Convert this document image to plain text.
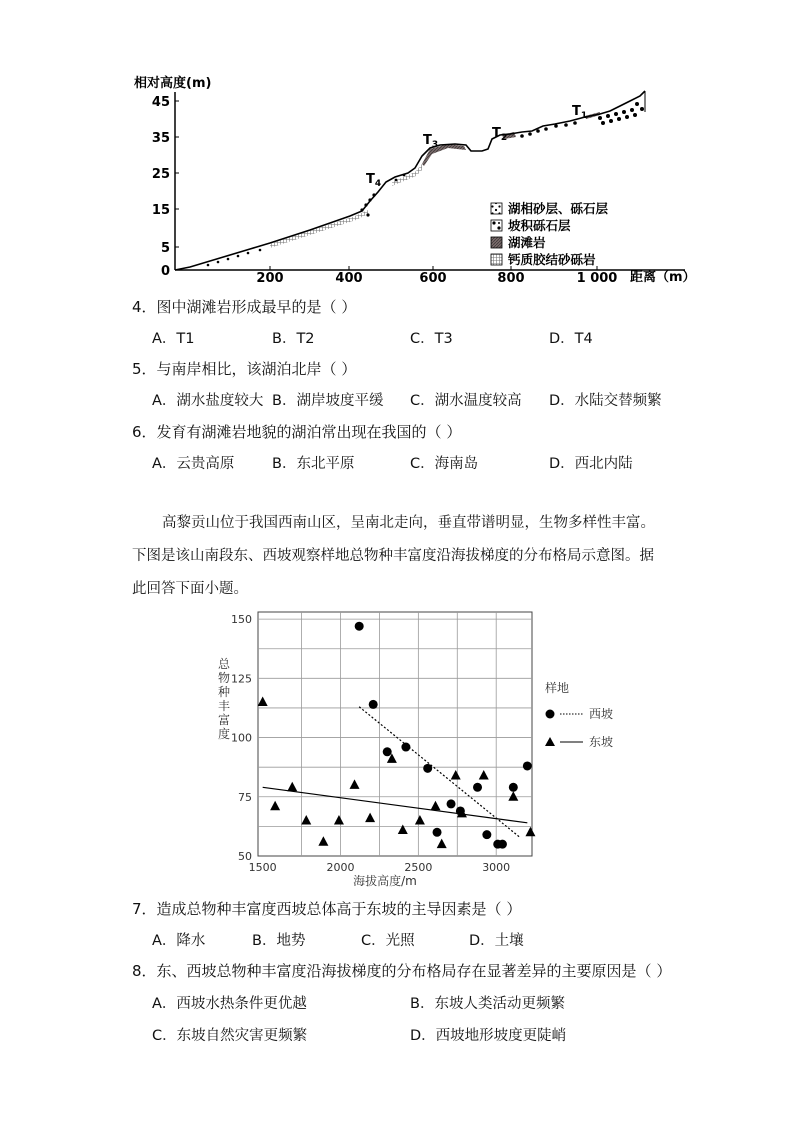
相对高度(m)
0
5
15
25
35
45
200	400	600	800	1 000 距离（m）
$T_1$
$T_2$
$T_3$
$T_4$
湖相砂层、砾石层
坡积砾石层
湖滩岩
钙质胶结砂砾岩
4．图中湖滩岩形成最早的是（ ）
A．T1	B．T2	C．T3	D．T4
5．与南岸相比，该湖泊北岸（ ）
A．湖水盐度较大 B．湖岸坡度平缓 C．湖水温度较高 D．水陆交替频繁
6．发育有湖滩岩地貌的湖泊常出现在我国的（ ）
A．云贵高原	B．东北平原	C．海南岛	D．西北内陆
高黎贡山位于我国西南山区，呈南北走向，垂直带谱明显，生物多样性丰富。
下图是该山南段东、西坡观察样地总物种丰富度沿海拔梯度的分布格局示意图。据
此回答下面小题。
50
75
100
125
150
1500	2000	2500	3000
总物种丰富度
海拔高度/m
样地
西坡
东坡
7．造成总物种丰富度西坡总体高于东坡的主导因素是（ ）
A．降水	B．地势	C．光照	D．土壤
8．东、西坡总物种丰富度沿海拔梯度的分布格局存在显著差异的主要原因是（ ）
A．西坡水热条件更优越	B．东坡人类活动更频繁
C．东坡自然灾害更频繁	D．西坡地形坡度更陡峭
